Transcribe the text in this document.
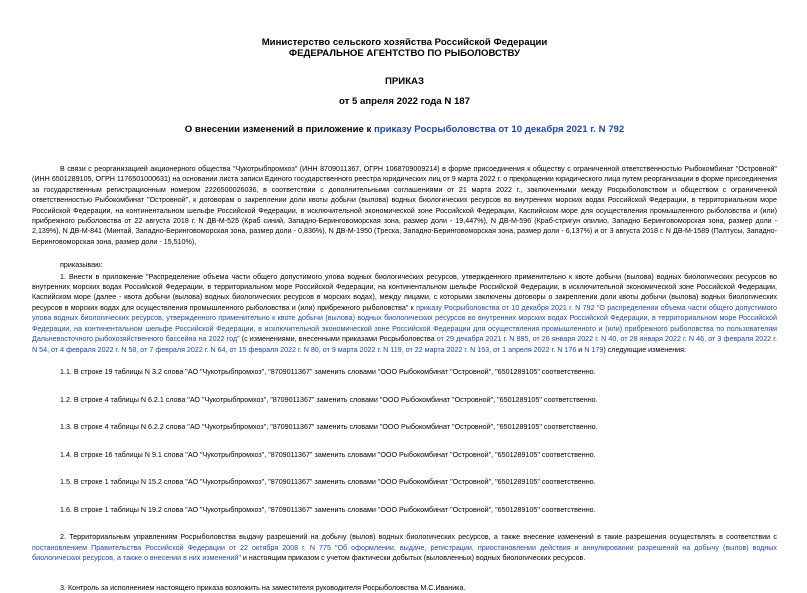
Министерство сельского хозяйства Российской Федерации
ФЕДЕРАЛЬНОЕ АГЕНТСТВО ПО РЫБОЛОВСТВУ
ПРИКАЗ
от 5 апреля 2022 года N 187
О внесении изменений в приложение к приказу Росрыболовства от 10 декабря 2021 г. N 792

В связи с реорганизацией акционерного общества "Чукотрыбпромхоз" (ИНН 8709011367, ОГРН 1068709009214) в форме присоединения к обществу с ограниченной ответственностью Рыбокомбинат "Островной" (ИНН 6501289105, ОГРН 1176501000631) на основании листа записи Единого государственного реестра юридических лиц от 9 марта 2022 г. о прекращении юридического лица путем реорганизации в форме присоединения за государственным регистрационным номером 2226500026036, в соответствии с дополнительными соглашениями от 21 марта 2022 г., заключенными между Росрыболовством и обществом с ограниченной ответственностью Рыбокомбинат "Островной", к договорам о закреплении доли квоты добычи (вылова) водных биологических ресурсов во внутренних морских водах Российской Федерации, в территориальном море Российской Федерации, на континентальном шельфе Российской Федерации, в исключительной экономической зоне Российской Федерации, Каспийском море для осуществления промышленного рыболовства и (или) прибрежного рыболовства от 22 августа 2018 г. N ДВ-М-525 (Краб синий, Западно-Беринговоморская зона, размер доли - 19,447%), N ДВ-М-596 (Краб-стригун опилио, Западно Беринговоморская зона, размер доли - 2,139%), N ДВ-М-841 (Минтай, Западно-Беринговоморская зона, размер доли - 0,836%), N ДВ-М-1950 (Треска, Западно-Беринговоморская зона, размер доли - 6,137%) и от 3 августа 2018 г. N ДВ-М-1589 (Палтусы, Западно-Беринговоморская зона, размер доли - 15,510%),

приказываю:

1. Внести в приложение "Распределение объема части общего допустимого улова водных биологических ресурсов, утвержденного применительно к квоте добычи (вылова) водных биологических ресурсов во внутренних морских водах Российской Федерации, в территориальном море Российской Федерации, на континентальном шельфе Российской Федерации, в исключительной экономической зоне Российской Федерации, Каспийском море (далее - квота добычи (вылова) водных биологических ресурсов в морских водах), между лицами, с которыми заключены договоры о закреплении доли квоты добычи (вылова) водных биологических ресурсов в морских водах для осуществления промышленного рыболовства и (или) прибрежного рыболовства" к приказу Росрыболовства от 10 декабря 2021 г. N 792 "О распределении объема части общего допустимого улова водных биологических ресурсов, утвержденного применительно к квоте добычи (вылова) водных биологических ресурсов во внутренних морских водах Российской Федерации, в территориальном море Российской Федерации, на континентальном шельфе Российской Федерации, в исключительной экономической зоне Российской Федерации для осуществления промышленного и (или) прибрежного рыболовства по пользователям Дальневосточного рыбохозяйственного бассейна на 2022 год" (с изменениями, внесенными приказами Росрыболовства от 29 декабря 2021 г. N 885, от 26 января 2022 г. N 40, от 28 января 2022 г. N 46, от 3 февраля 2022 г. N 54, от 4 февраля 2022 г. N 58, от 7 февраля 2022 г. N 64, от 15 февраля 2022 г. N 80, от 9 марта 2022 г. N 119, от 22 марта 2022 г. N 153, от 1 апреля 2022 г. N 176 и N 179) следующие изменения:

1.1. В строке 19 таблицы N 3.2 слова "АО "Чукотрыбпромхоз", "8709011367" заменить словами "ООО Рыбокомбинат "Островной", "6501289105" соответственно.

1.2. В строке 4 таблицы N 6.2.1 слова "АО "Чукотрыбпромхоз", "8709011367" заменить словами "ООО Рыбокомбинат "Островной", "6501289105" соответственно.

1.3. В строке 4 таблицы N 6.2.2 слова "АО "Чукотрыбпромхоз", "8709011367" заменить словами "ООО Рыбокомбинат "Островной", "6501289105" соответственно.

1.4. В строке 16 таблицы N 9.1 слова "АО "Чукотрыбпромхоз", "8709011367" заменить словами "ООО Рыбокомбинат "Островной", "6501289105" соответственно.

1.5. В строке 1 таблицы N 15.2 слова "АО "Чукотрыбпромхоз", "8709011367" заменить словами "ООО Рыбокомбинат "Островной", "6501289105" соответственно.

1.6. В строке 1 таблицы N 19.2 слова "АО "Чукотрыбпромхоз", "8709011367" заменить словами "ООО Рыбокомбинат "Островной", "6501289105" соответственно.

2. Территориальным управлениям Росрыболовства выдачу разрешений на добычу (вылов) водных биологических ресурсов, а также внесение изменений в такие разрешения осуществлять в соответствии с постановлением Правительства Российской Федерации от 22 октября 2008 г. N 775 "Об оформлении, выдаче, регистрации, приостановлении действия и аннулировании разрешений на добычу (вылов) водных биологических ресурсов, а также о внесении в них изменений" и настоящим приказом с учетом фактически добытых (выловленных) водных биологических ресурсов.

3. Контроль за исполнением настоящего приказа возложить на заместителя руководителя Росрыболовства М.С.Иваника.
